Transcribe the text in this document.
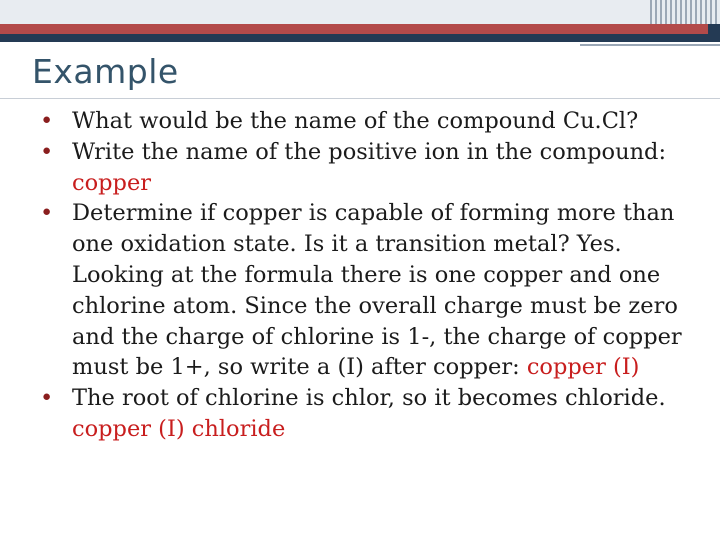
Example
• What would be the name of the compound Cu.Cl?
• Write the name of the positive ion in the compound: copper
• Determine if copper is capable of forming more than one oxidation state. Is it a transition metal? Yes. Looking at the formula there is one copper and one chlorine atom. Since the overall charge must be zero and the charge of chlorine is 1-, the charge of copper must be 1+, so write a (I) after copper: copper (I)
• The root of chlorine is chlor, so it becomes chloride. copper (I) chloride
